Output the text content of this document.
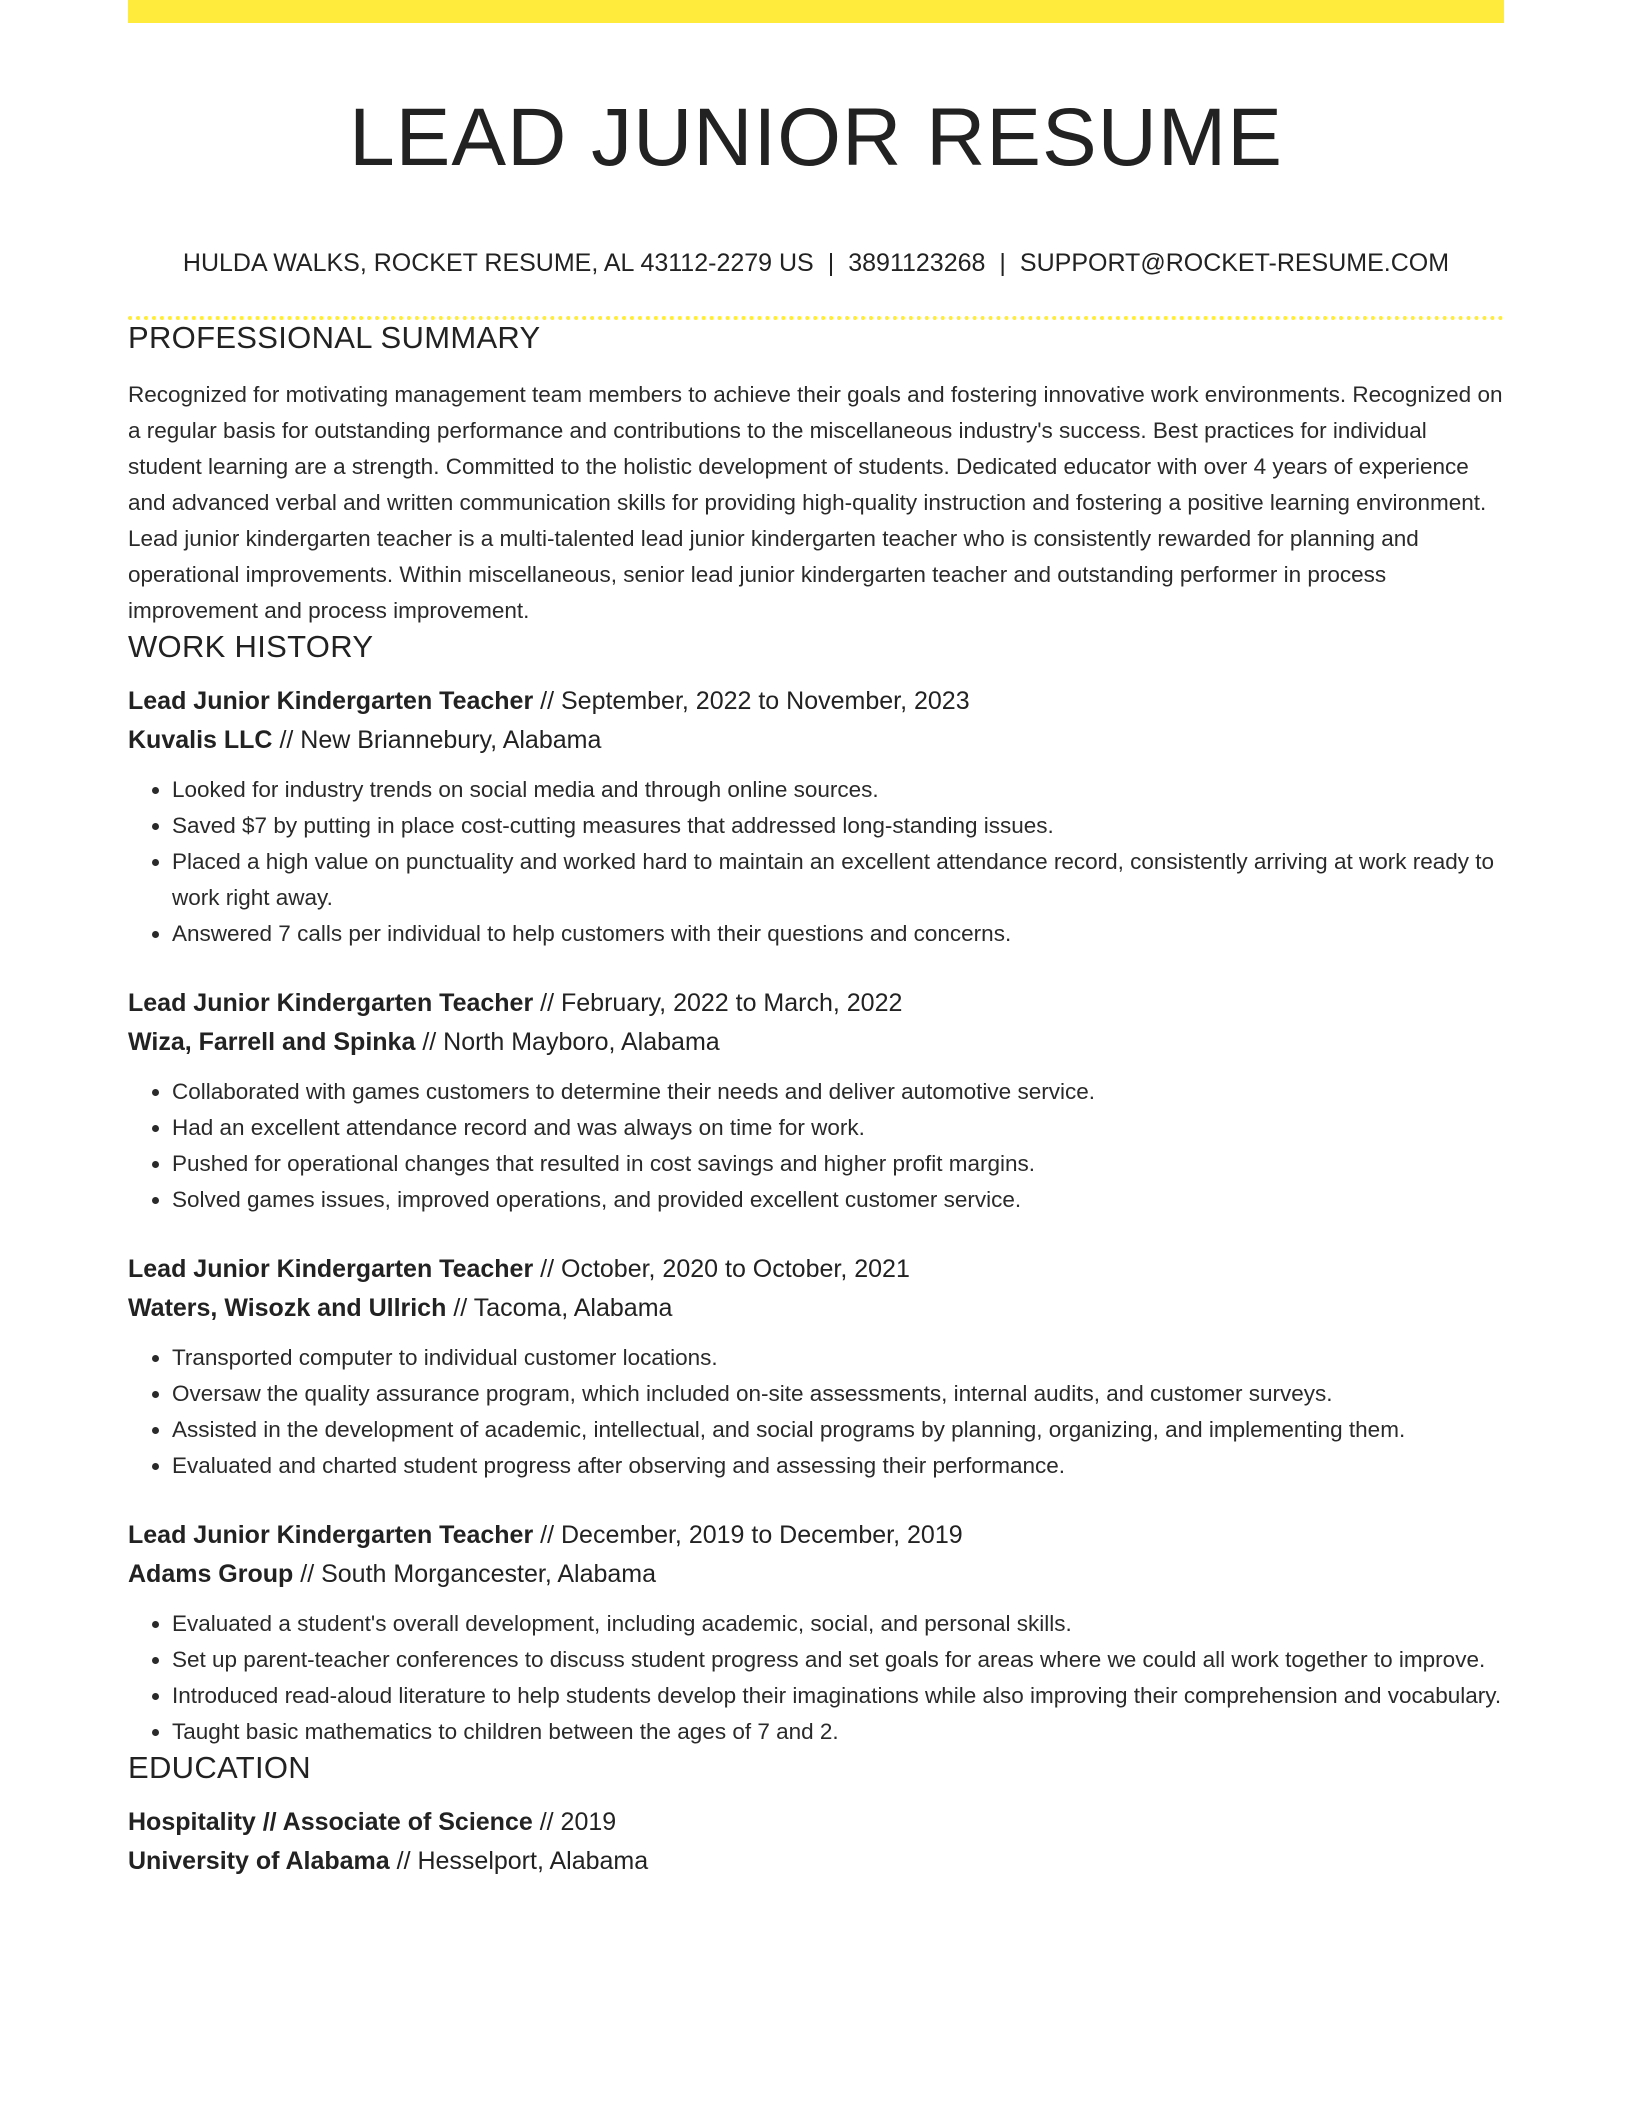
LEAD JUNIOR RESUME
HULDA WALKS, ROCKET RESUME, AL 43112-2279 US | 3891123268 | SUPPORT@ROCKET-RESUME.COM
PROFESSIONAL SUMMARY
Recognized for motivating management team members to achieve their goals and fostering innovative work environments. Recognized on a regular basis for outstanding performance and contributions to the miscellaneous industry's success. Best practices for individual student learning are a strength. Committed to the holistic development of students. Dedicated educator with over 4 years of experience and advanced verbal and written communication skills for providing high-quality instruction and fostering a positive learning environment. Lead junior kindergarten teacher is a multi-talented lead junior kindergarten teacher who is consistently rewarded for planning and operational improvements. Within miscellaneous, senior lead junior kindergarten teacher and outstanding performer in process improvement and process improvement.
WORK HISTORY
Lead Junior Kindergarten Teacher // September, 2022 to November, 2023
Kuvalis LLC // New Briannebury, Alabama
• Looked for industry trends on social media and through online sources.
• Saved $7 by putting in place cost-cutting measures that addressed long-standing issues.
• Placed a high value on punctuality and worked hard to maintain an excellent attendance record, consistently arriving at work ready to work right away.
• Answered 7 calls per individual to help customers with their questions and concerns.
Lead Junior Kindergarten Teacher // February, 2022 to March, 2022
Wiza, Farrell and Spinka // North Mayboro, Alabama
• Collaborated with games customers to determine their needs and deliver automotive service.
• Had an excellent attendance record and was always on time for work.
• Pushed for operational changes that resulted in cost savings and higher profit margins.
• Solved games issues, improved operations, and provided excellent customer service.
Lead Junior Kindergarten Teacher // October, 2020 to October, 2021
Waters, Wisozk and Ullrich // Tacoma, Alabama
• Transported computer to individual customer locations.
• Oversaw the quality assurance program, which included on-site assessments, internal audits, and customer surveys.
• Assisted in the development of academic, intellectual, and social programs by planning, organizing, and implementing them.
• Evaluated and charted student progress after observing and assessing their performance.
Lead Junior Kindergarten Teacher // December, 2019 to December, 2019
Adams Group // South Morgancester, Alabama
• Evaluated a student's overall development, including academic, social, and personal skills.
• Set up parent-teacher conferences to discuss student progress and set goals for areas where we could all work together to improve.
• Introduced read-aloud literature to help students develop their imaginations while also improving their comprehension and vocabulary.
• Taught basic mathematics to children between the ages of 7 and 2.
EDUCATION
Hospitality // Associate of Science // 2019
University of Alabama // Hesselport, Alabama
